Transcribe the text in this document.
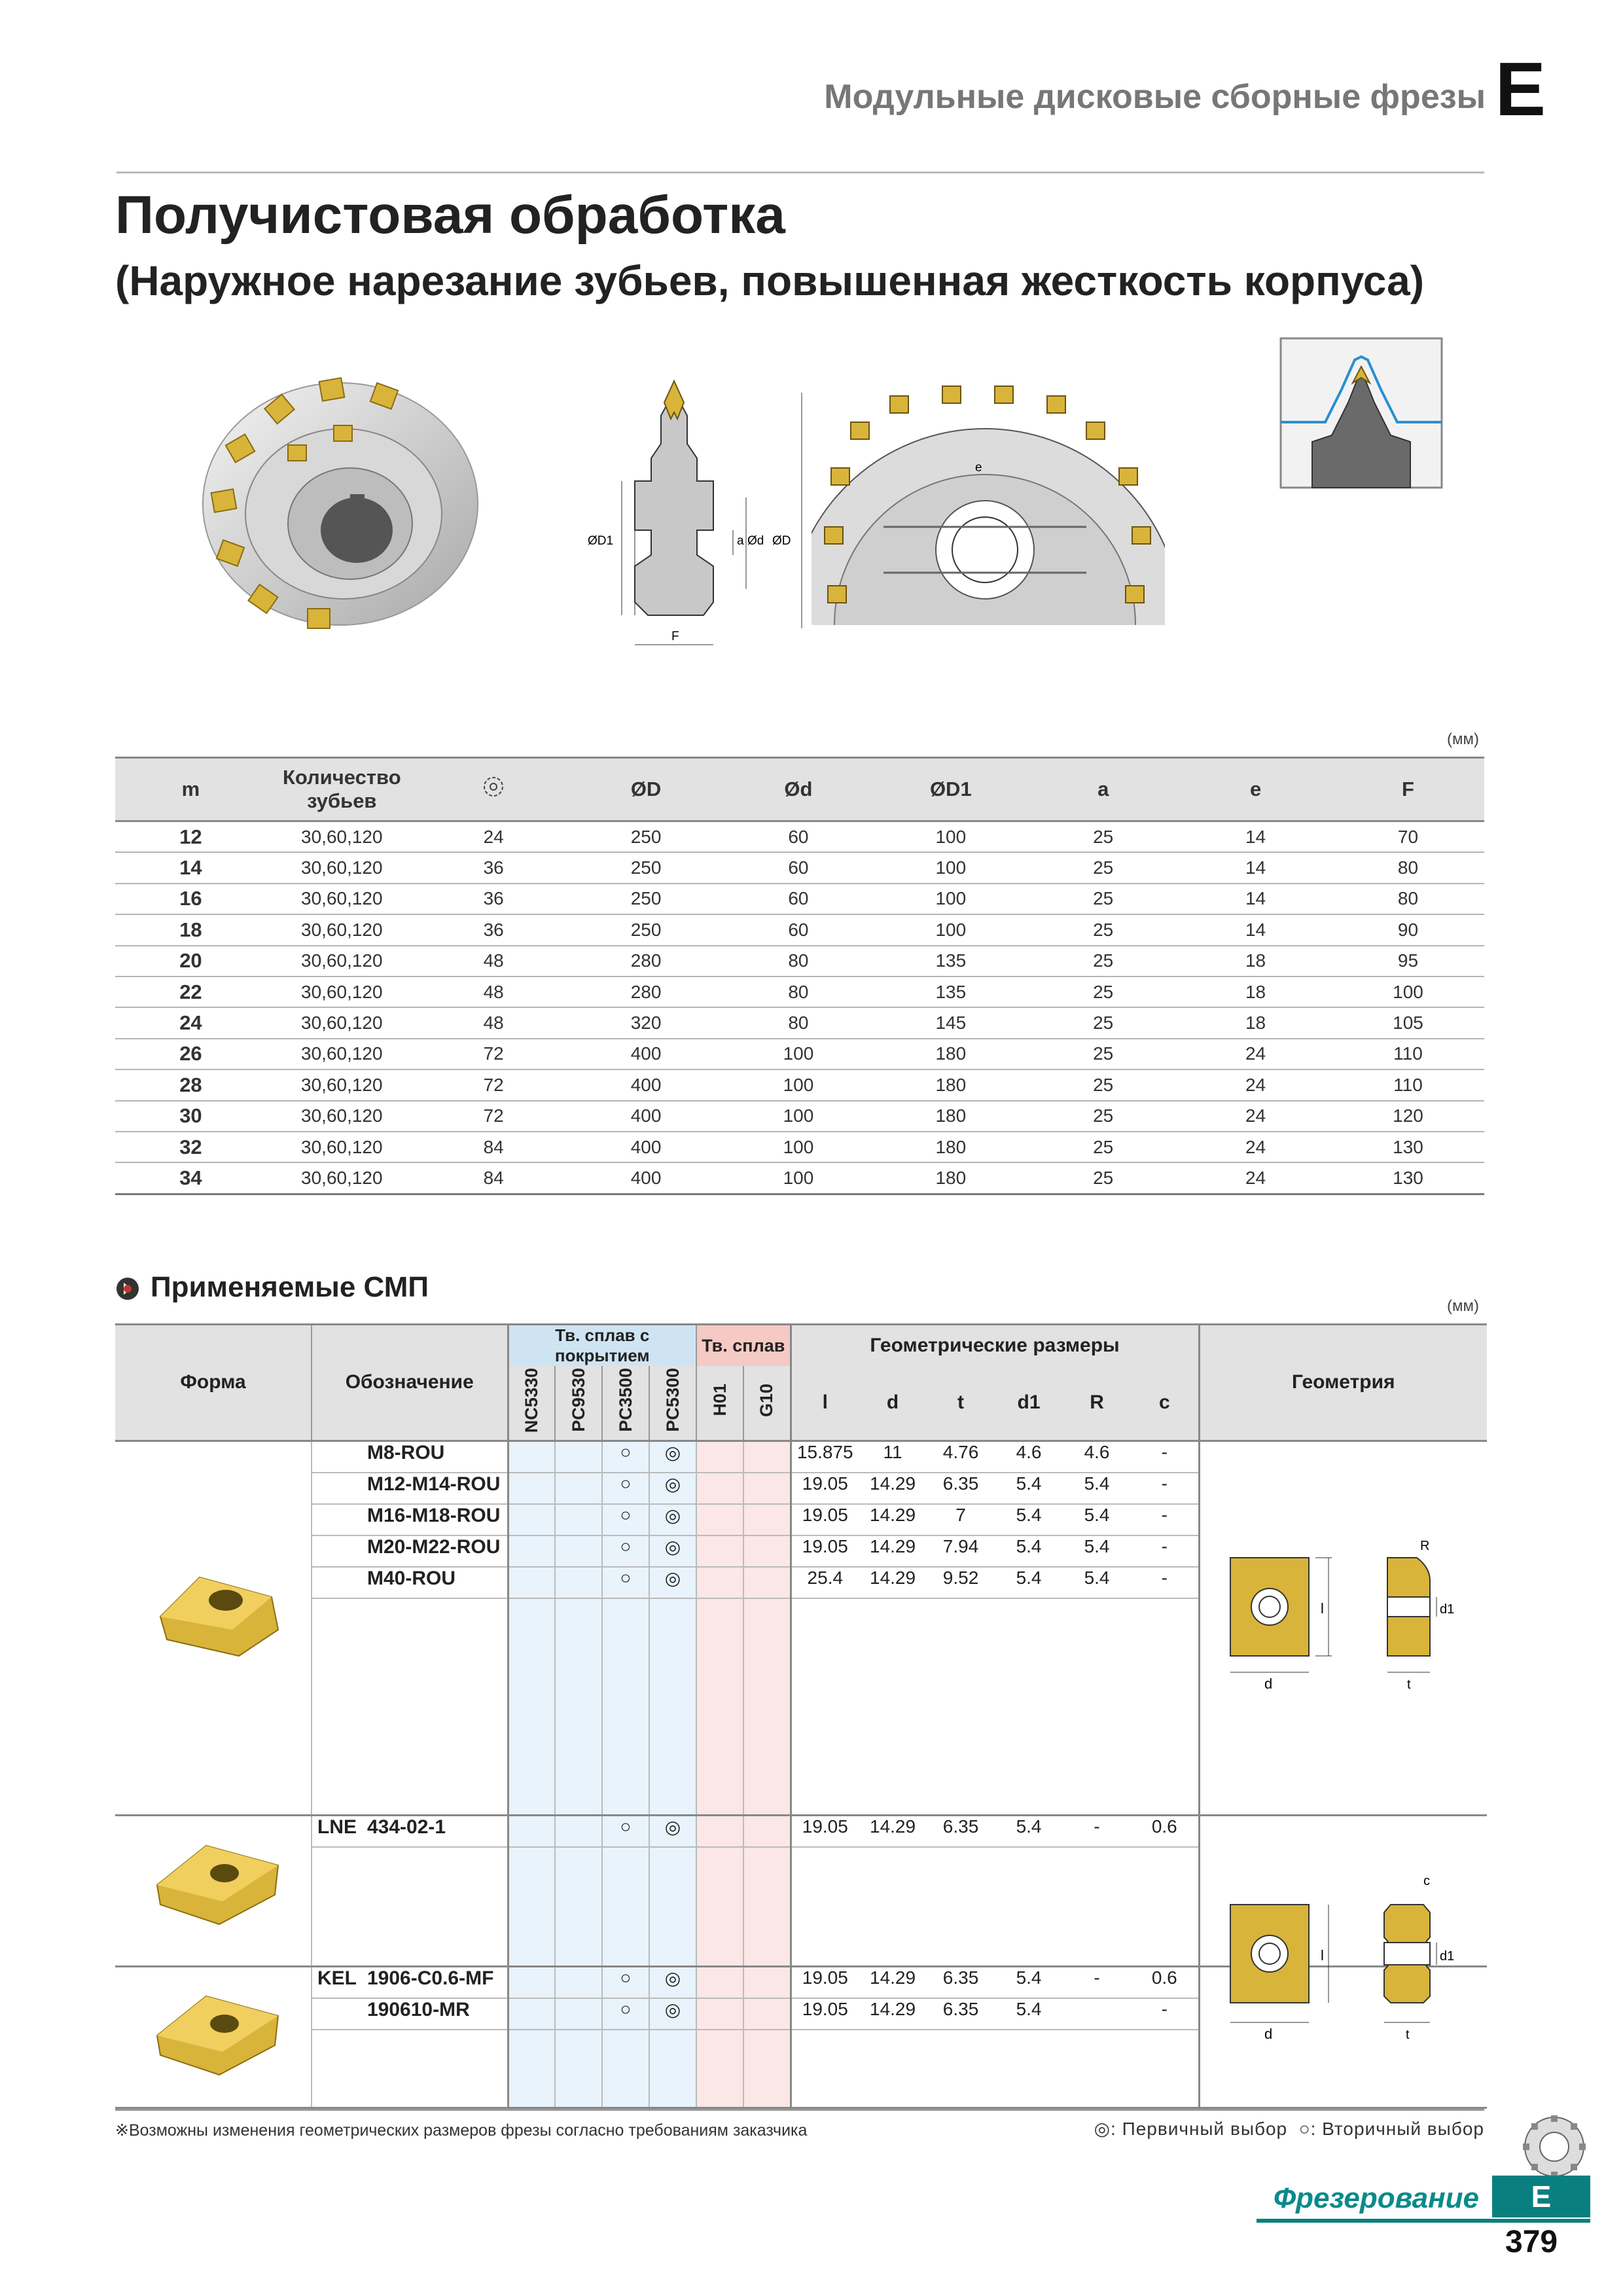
Модульные дисковые сборные фрезы E
Получистовая обработка
(Наружное нарезание зубьев, повышенная жесткость корпуса)
ØD1	a Ød ØD
F
e
(мм)
m	Количество зубьев		ØD	Ød	ØD1	a	e	F
12	30,60,120	24	250	60	100	25	14	70
14	30,60,120	36	250	60	100	25	14	80
16	30,60,120	36	250	60	100	25	14	80
18	30,60,120	36	250	60	100	25	14	90
20	30,60,120	48	280	80	135	25	18	95
22	30,60,120	48	280	80	135	25	18	100
24	30,60,120	48	320	80	145	25	18	105
26	30,60,120	72	400	100	180	25	24	110
28	30,60,120	72	400	100	180	25	24	110
30	30,60,120	72	400	100	180	25	24	120
32	30,60,120	84	400	100	180	25	24	130
34	30,60,120	84	400	100	180	25	24	130
Применяемые СМП
(мм)
Форма	Обозначение	Тв. сплав с покрытием				Тв. сплав		Геометрические размеры						Геометрия
		NC5330	PC9530	PC3500	PC5300	H01	G10	l	d	t	d1	R	c	
	M8-ROU			○	◎			15.875	11	4.76	4.6	4.6	-	
	M12-M14-ROU			○	◎			19.05	14.29	6.35	5.4	5.4	-	
	M16-M18-ROU			○	◎			19.05	14.29	7	5.4	5.4	-	
	M20-M22-ROU			○	◎			19.05	14.29	7.94	5.4	5.4	-	
	M40-ROU			○	◎			25.4	14.29	9.52	5.4	5.4	-	

	LNE 434-02-1			○	◎			19.05	14.29	6.35	5.4	-	0.6	

	KEL 1906-C0.6-MF			○	◎			19.05	14.29	6.35	5.4	-	0.6	
	190610-MR			○	◎			19.05	14.29	6.35	5.4		-	

l
d
R
d1
t
l
d
c
d1
t
※Возможны изменения геометрических размеров фрезы согласно требованиям заказчика	◎: Первичный выбор ○: Вторичный выбор
Фрезерование	E
379
